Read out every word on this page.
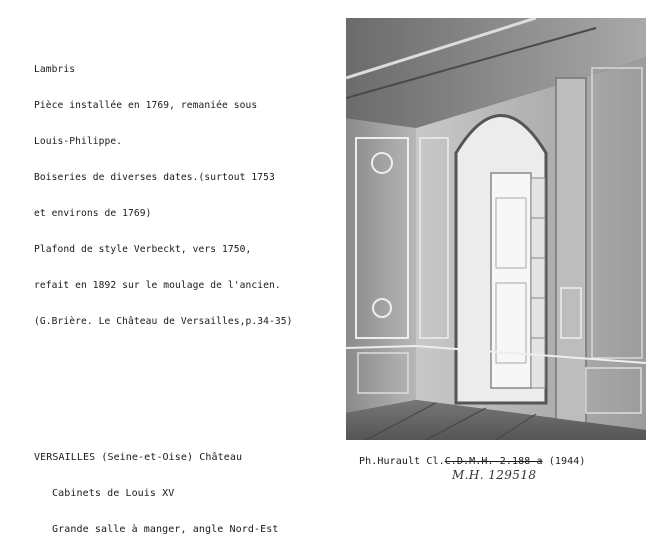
Lambris

Pièce installée en 1769, remaniée sous

Louis-Philippe.

Boiseries de diverses dates.(surtout 1753

et environs de 1769)

Plafond de style Verbeckt, vers 1750,

refait en 1892 sur le moulage de l'ancien.

(G.Brière. Le Château de Versailles,p.34-35)

VERSAILLES (Seine-et-Oise) Château

Cabinets de Louis XV

Grande salle à manger, angle Nord-Est

Ph.Hurault Cl.C.D.M.H. 2.188 a (1944)
M.H. 129518
